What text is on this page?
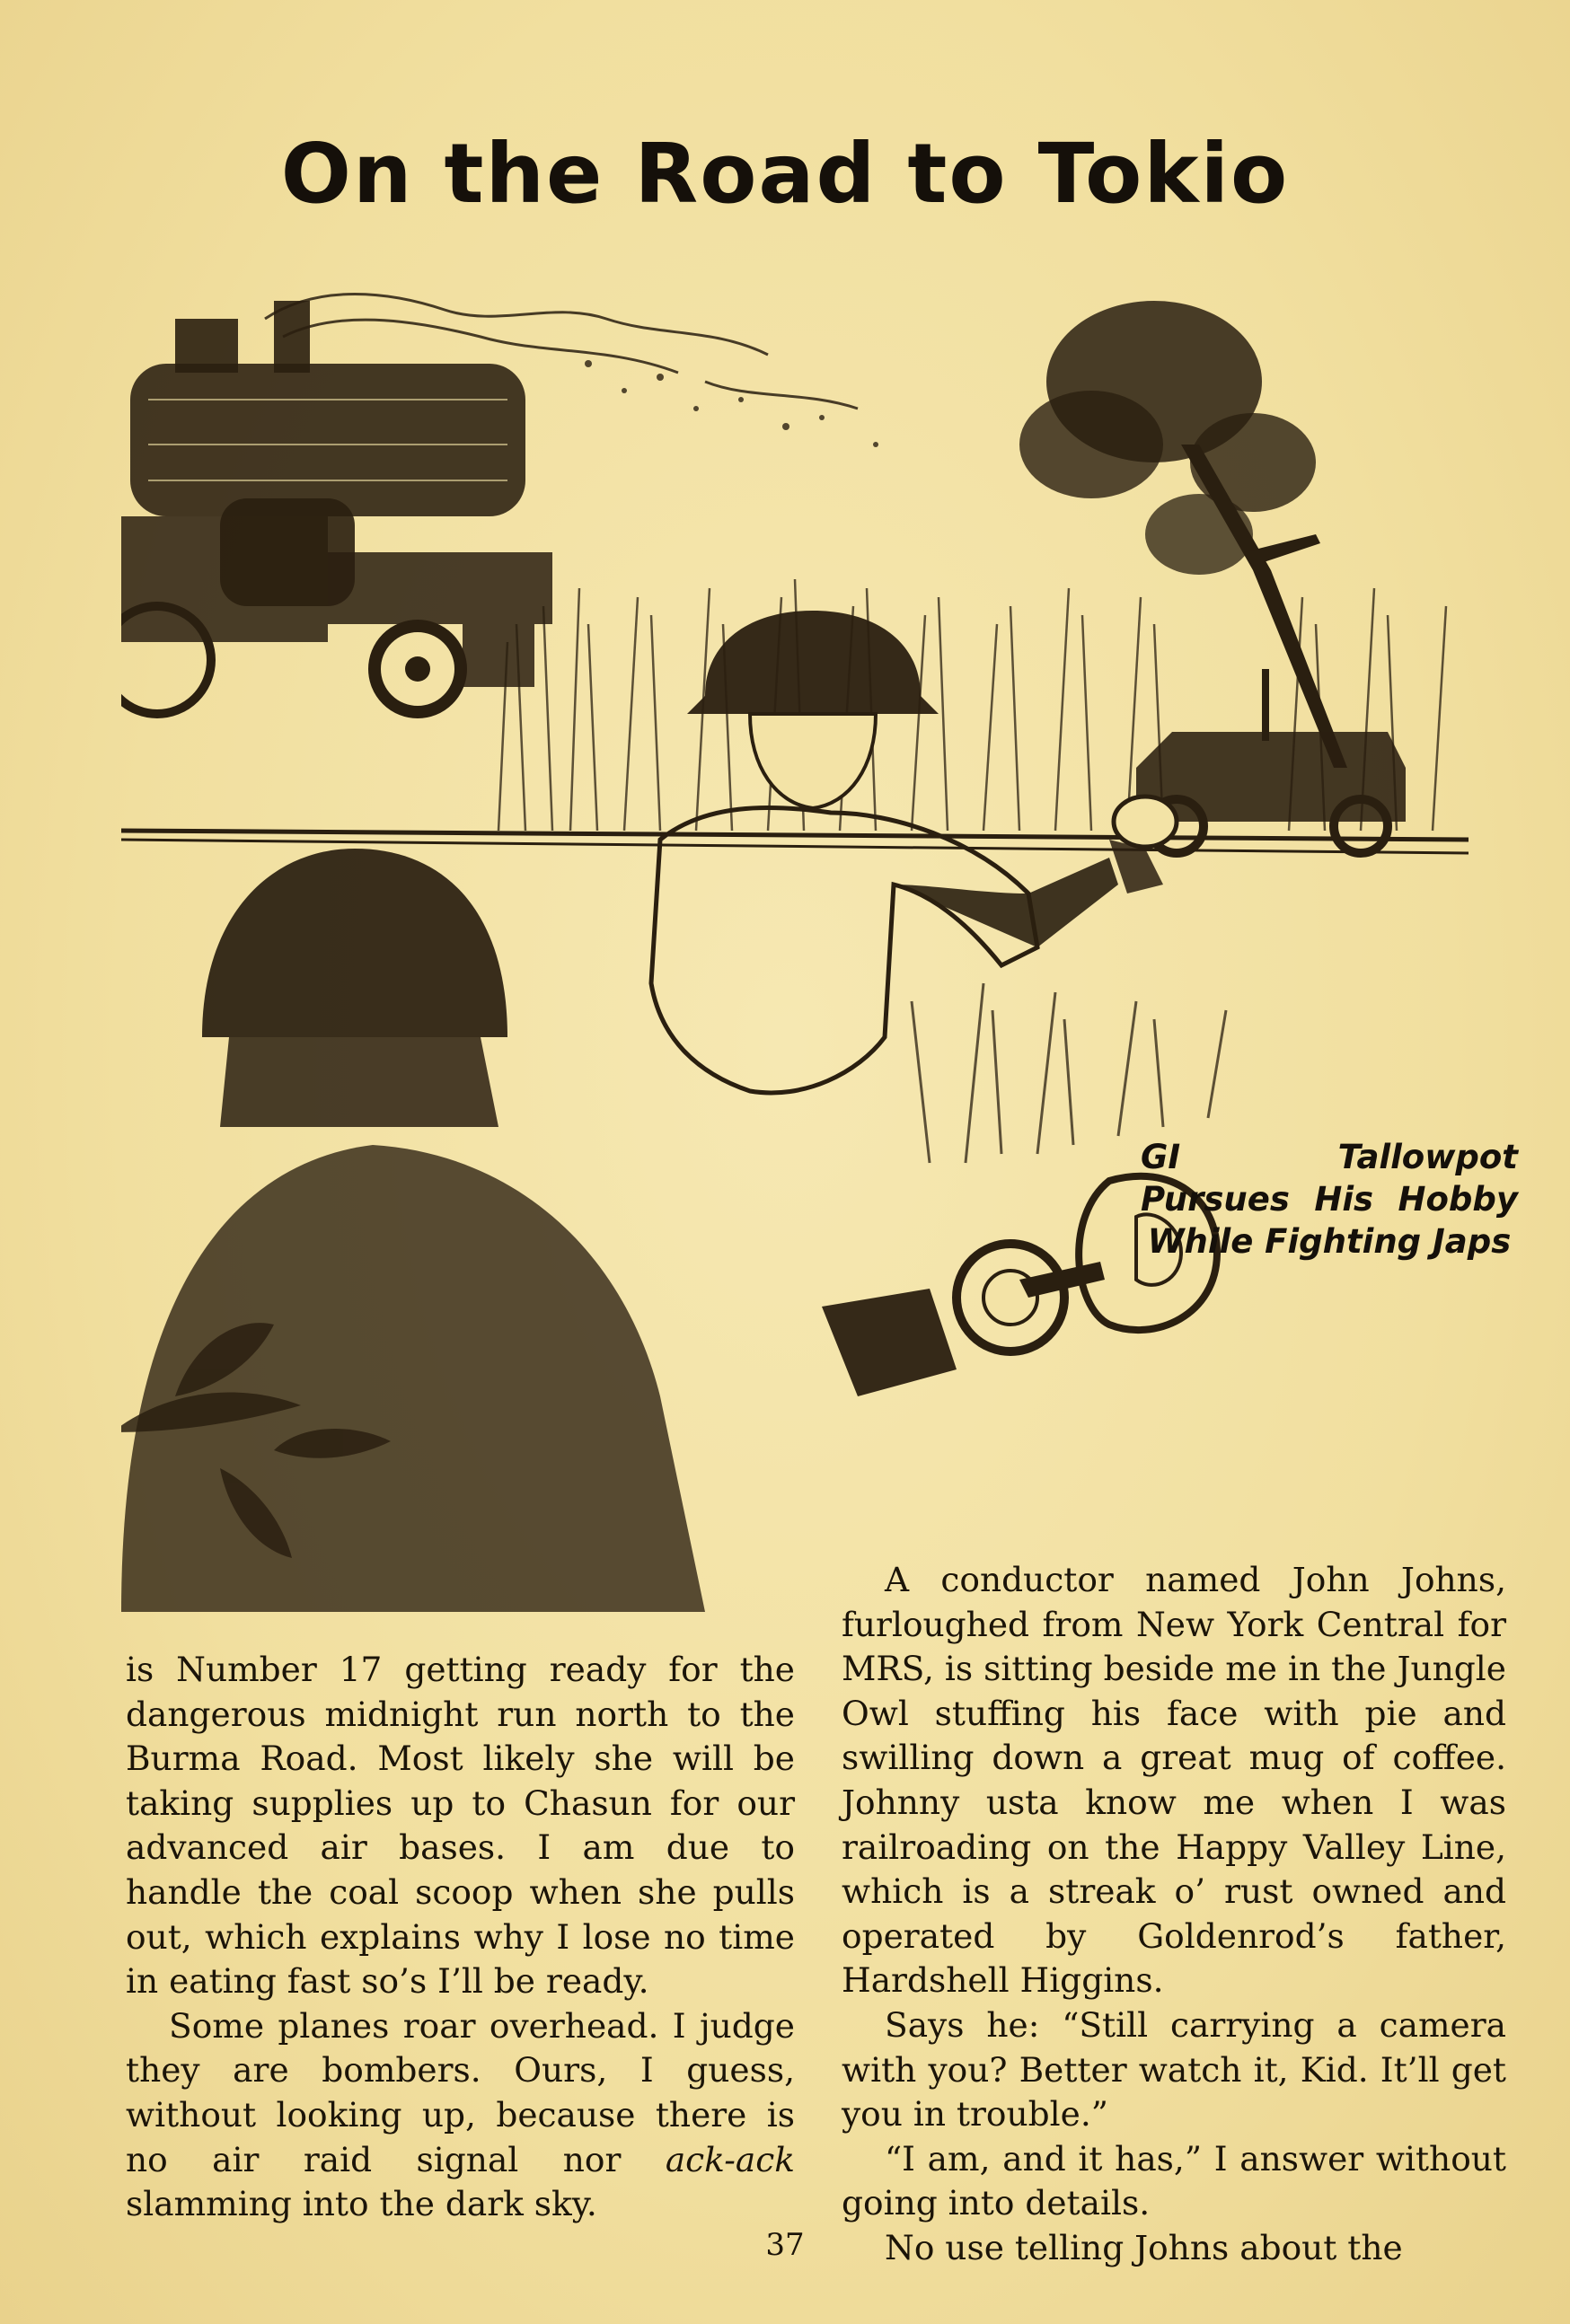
On the Road to Tokio
GI Tallowpot Pursues His Hobby While Fighting Japs

is Number 17 getting ready for the dangerous midnight run north to the Burma Road. Most likely she will be taking supplies up to Chasun for our advanced air bases. I am due to handle the coal scoop when she pulls out, which explains why I lose no time in eating fast so’s I’ll be ready.

Some planes roar overhead. I judge they are bombers. Ours, I guess, without looking up, because there is no air raid signal nor ack-ack slamming into the dark sky.

A conductor named John Johns, furloughed from New York Central for MRS, is sitting beside me in the Jungle Owl stuffing his face with pie and swilling down a great mug of coffee. Johnny usta know me when I was railroading on the Happy Valley Line, which is a streak o’ rust owned and operated by Goldenrod’s father, Hardshell Higgins.

Says he: “Still carrying a camera with you? Better watch it, Kid. It’ll get you in trouble.”

“I am, and it has,” I answer without going into details.

No use telling Johns about the

37
